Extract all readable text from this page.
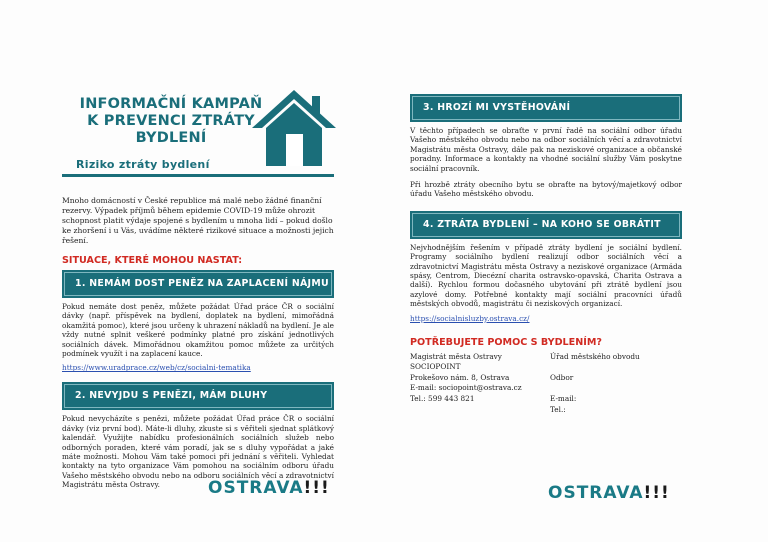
INFORMAČNÍ KAMPAŇ K PREVENCI ZTRÁTY BYDLENÍ
Riziko ztráty bydlení

Mnoho domácností v České republice má malé nebo žádné finanční rezervy. Výpadek příjmů během epidemie COVID-19 může ohrozit schopnost platit výdaje spojené s bydlením u mnoha lidí – pokud došlo ke zhoršení i u Vás, uvádíme některé rizikové situace a možnosti jejich řešení.

SITUACE, KTERÉ MOHOU NASTAT:
1. NEMÁM DOST PENĚZ NA ZAPLACENÍ NÁJMU

Pokud nemáte dost peněz, můžete požádat Úřad práce ČR o sociální dávky (např. příspěvek na bydlení, doplatek na bydlení, mimořádná okamžitá pomoc), které jsou určeny k uhrazení nákladů na bydlení. Je ale vždy nutné splnit veškeré podmínky platné pro získání jednotlivých sociálních dávek. Mimořádnou okamžitou pomoc můžete za určitých podmínek využít i na zaplacení kauce.

https://www.uradprace.cz/web/cz/socialni-tematika
2. NEVYJDU S PENĚZI, MÁM DLUHY

Pokud nevycházíte s penězi, můžete požádat Úřad práce ČR o sociální dávky (viz první bod). Máte-li dluhy, zkuste si s věřiteli sjednat splátkový kalendář. Využijte nabídku profesionálních sociálních služeb nebo odborných poraden, které vám poradí, jak se s dluhy vypořádat a jaké máte možnosti. Mohou Vám také pomoci při jednání s věřiteli. Vyhledat kontakty na tyto organizace Vám pomohou na sociálním odboru úřadu Vašeho městského obvodu nebo na odboru sociálních věcí a zdravotnictví Magistrátu města Ostravy.	OSTRAVA!!!
3. HROZÍ MI VYSTĚHOVÁNÍ

V těchto případech se obraťte v první řadě na sociální odbor úřadu Vašeho městského obvodu nebo na odbor sociálních věcí a zdravotnictví Magistrátu města Ostravy, dále pak na neziskové organizace a občanské poradny. Informace a kontakty na vhodné sociální služby Vám poskytne sociální pracovník.

Při hrozbě ztráty obecního bytu se obraťte na bytový/majetkový odbor úřadu Vašeho městského obvodu.

4. ZTRÁTA BYDLENÍ – NA KOHO SE OBRÁTIT

Nejvhodnějším řešením v případě ztráty bydlení je sociální bydlení. Programy sociálního bydlení realizují odbor sociálních věcí a zdravotnictví Magistrátu města Ostravy a neziskové organizace (Armáda spásy, Centrom, Diecézní charita ostravsko-opavská, Charita Ostrava a další). Rychlou formou dočasného ubytování při ztrátě bydlení jsou azylové domy. Potřebné kontakty mají sociální pracovníci úřadů městských obvodů, magistrátu či neziskových organizací.

https://socialnisluzby.ostrava.cz/
POTŘEBUJETE POMOC S BYDLENÍM?
Magistrát města Ostravy
SOCIOPOINT
Prokešovo nám. 8, Ostrava
E-mail: sociopoint@ostrava.cz
Tel.: 599 443 821
Úřad městského obvodu

Odbor

E-mail:
Tel.:
OSTRAVA!!!
